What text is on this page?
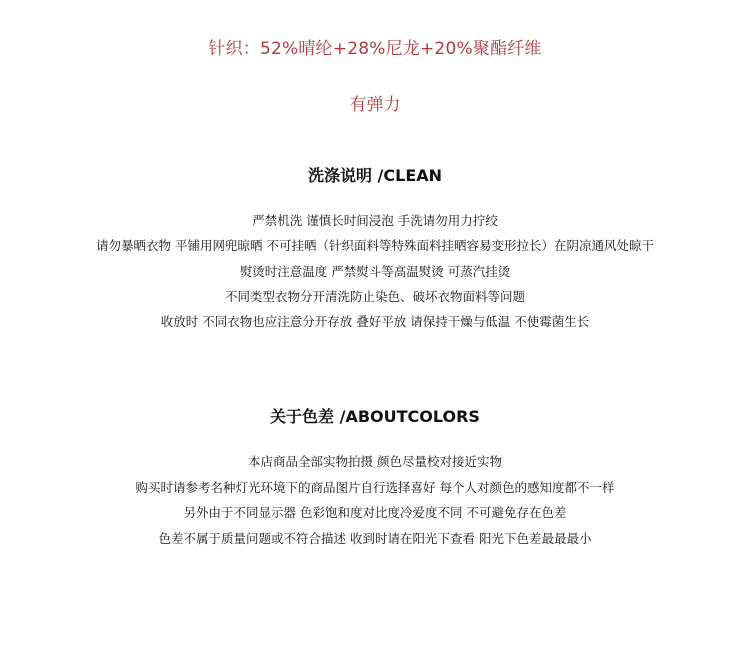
针织：52%晴纶+28%尼龙+20%聚酯纤维
有弹力
洗涤说明 /CLEAN
严禁机洗 谨慎长时间浸泡 手洗请勿用力拧绞
请勿暴晒衣物 平铺用网兜晾晒 不可挂晒（针织面料等特殊面料挂晒容易变形拉长）在阴凉通风处晾干
熨烫时注意温度 严禁熨斗等高温熨烫 可蒸汽挂烫
不同类型衣物分开清洗防止染色、破坏衣物面料等问题
收放时 不同衣物也应注意分开存放 叠好平放 请保持干燥与低温 不使霉菌生长
关于色差 /ABOUTCOLORS
本店商品全部实物拍摄 颜色尽量校对接近实物
购买时请参考名种灯光环境下的商品图片自行选择喜好 每个人对颜色的感知度都不一样
另外由于不同显示器 色彩饱和度对比度冷爱度不同 不可避免存在色差
色差不属于质量问题或不符合描述 收到时请在阳光下查看 阳光下色差最最最小
